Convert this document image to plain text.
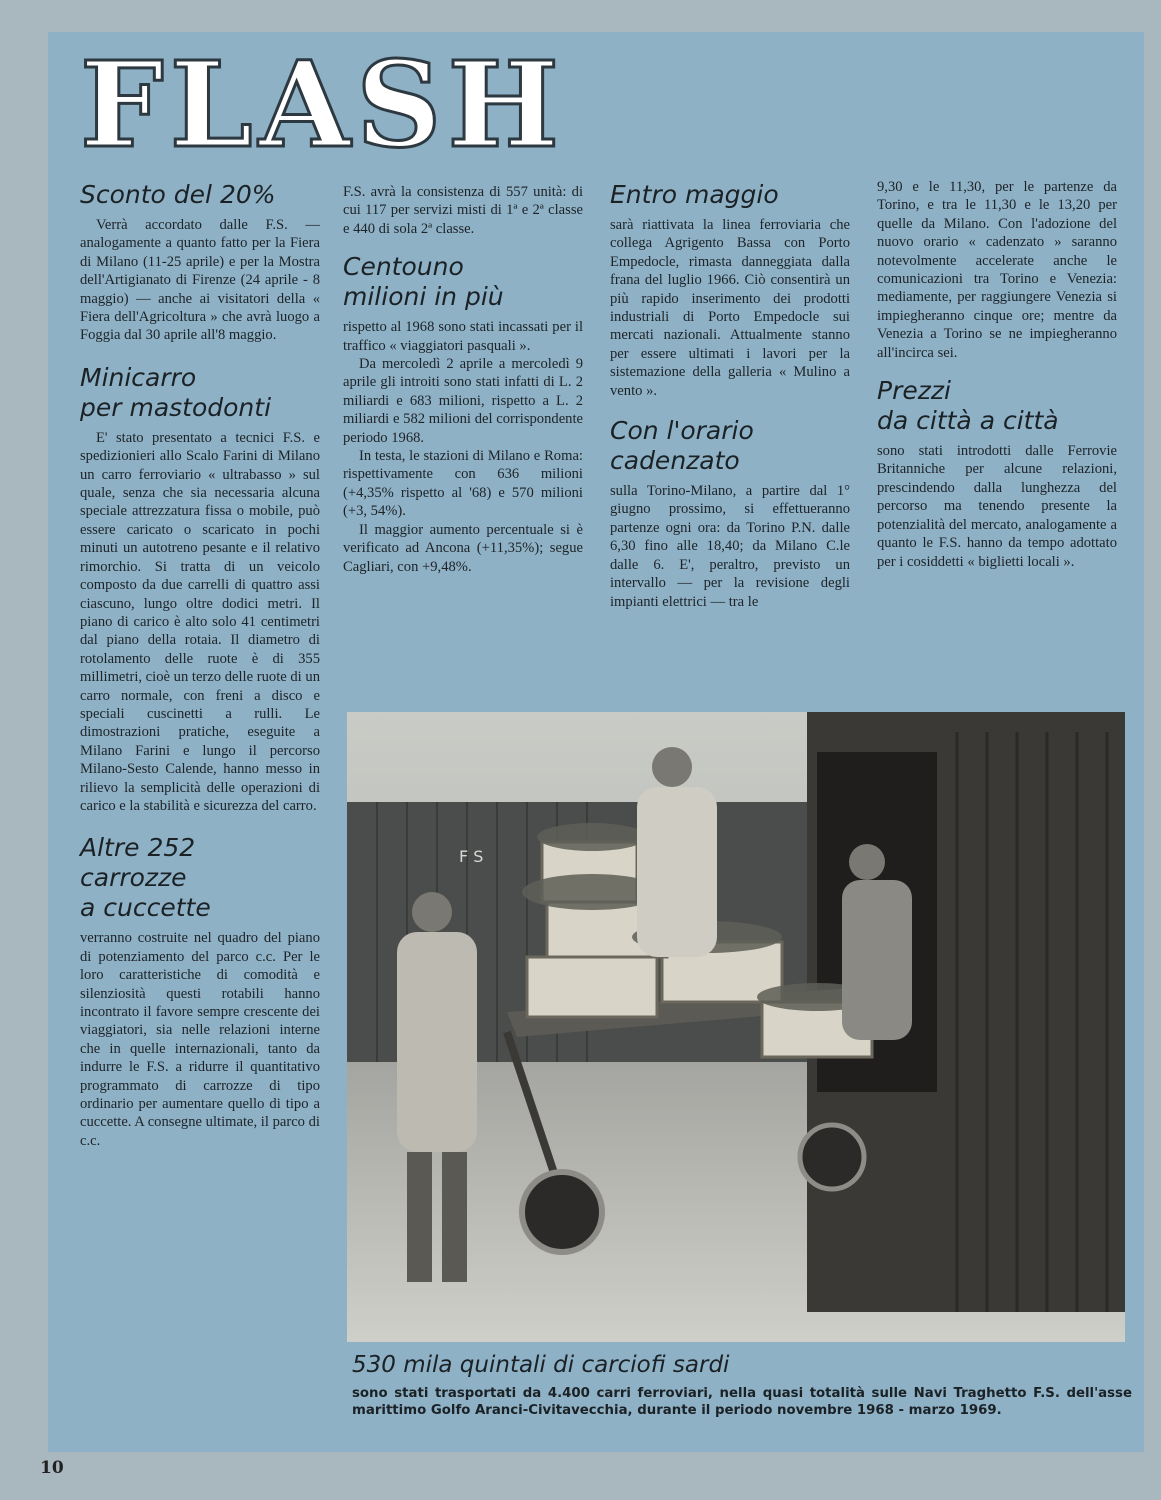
FLASH
Sconto del 20%

Verrà accordato dalle F.S. — analogamente a quanto fatto per la Fiera di Milano (11-25 aprile) e per la Mostra dell'Artigianato di Firenze (24 aprile - 8 maggio) — anche ai visitatori della « Fiera dell'Agricoltura » che avrà luogo a Foggia dal 30 aprile all'8 maggio.

Minicarro
per mastodonti

E' stato presentato a tecnici F.S. e spedizionieri allo Scalo Farini di Milano un carro ferroviario « ultrabasso » sul quale, senza che sia necessaria alcuna speciale attrezzatura fissa o mobile, può essere caricato o scaricato in pochi minuti un autotreno pesante e il relativo rimorchio. Si tratta di un veicolo composto da due carrelli di quattro assi ciascuno, lungo oltre dodici metri. Il piano di carico è alto solo 41 centimetri dal piano della rotaia. Il diametro di rotolamento delle ruote è di 355 millimetri, cioè un terzo delle ruote di un carro normale, con freni a disco e speciali cuscinetti a rulli. Le dimostrazioni pratiche, eseguite a Milano Farini e lungo il percorso Milano-Sesto Calende, hanno messo in rilievo la semplicità delle operazioni di carico e la stabilità e sicurezza del carro.

Altre 252
carrozze
a cuccette

verranno costruite nel quadro del piano di potenziamento del parco c.c. Per le loro caratteristiche di comodità e silenziosità questi rotabili hanno incontrato il favore sempre crescente dei viaggiatori, sia nelle relazioni interne che in quelle internazionali, tanto da indurre le F.S. a ridurre il quantitativo programmato di carrozze di tipo ordinario per aumentare quello di tipo a cuccette. A consegne ultimate, il parco di c.c.

F.S. avrà la consistenza di 557 unità: di cui 117 per servizi misti di 1ª e 2ª classe e 440 di sola 2ª classe.

Centouno
milioni in più

rispetto al 1968 sono stati incassati per il traffico « viaggiatori pasquali ».

Da mercoledì 2 aprile a mercoledì 9 aprile gli introiti sono stati infatti di L. 2 miliardi e 683 milioni, rispetto a L. 2 miliardi e 582 milioni del corrispondente periodo 1968.

In testa, le stazioni di Milano e Roma: rispettivamente con 636 milioni (+4,35% rispetto al '68) e 570 milioni (+3, 54%).

Il maggior aumento percentuale si è verificato ad Ancona (+11,35%); segue Cagliari, con +9,48%.

Entro maggio

sarà riattivata la linea ferroviaria che collega Agrigento Bassa con Porto Empedocle, rimasta danneggiata dalla frana del luglio 1966. Ciò consentirà un più rapido inserimento dei prodotti industriali di Porto Empedocle sui mercati nazionali. Attualmente stanno per essere ultimati i lavori per la sistemazione della galleria « Mulino a vento ».

Con l'orario
cadenzato

sulla Torino-Milano, a partire dal 1° giugno prossimo, si effettueranno partenze ogni ora: da Torino P.N. dalle 6,30 fino alle 18,40; da Milano C.le dalle 6. E', peraltro, previsto un intervallo — per la revisione degli impianti elettrici — tra le

9,30 e le 11,30, per le partenze da Torino, e tra le 11,30 e le 13,20 per quelle da Milano. Con l'adozione del nuovo orario « cadenzato » saranno notevolmente accelerate anche le comunicazioni tra Torino e Venezia: mediamente, per raggiungere Venezia si impiegheranno cinque ore; mentre da Venezia a Torino se ne impiegheranno all'incirca sei.

Prezzi
da città a città

sono stati introdotti dalle Ferrovie Britanniche per alcune relazioni, prescindendo dalla lunghezza del percorso ma tenendo presente la potenzialità del mercato, analogamente a quanto le F.S. hanno da tempo adottato per i cosiddetti « biglietti locali ».

F S
530 mila quintali di carciofi sardi
sono stati trasportati da 4.400 carri ferroviari, nella quasi totalità sulle Navi Traghetto F.S. dell'asse marittimo Golfo Aranci-Civitavecchia, durante il periodo novembre 1968 - marzo 1969.
10
